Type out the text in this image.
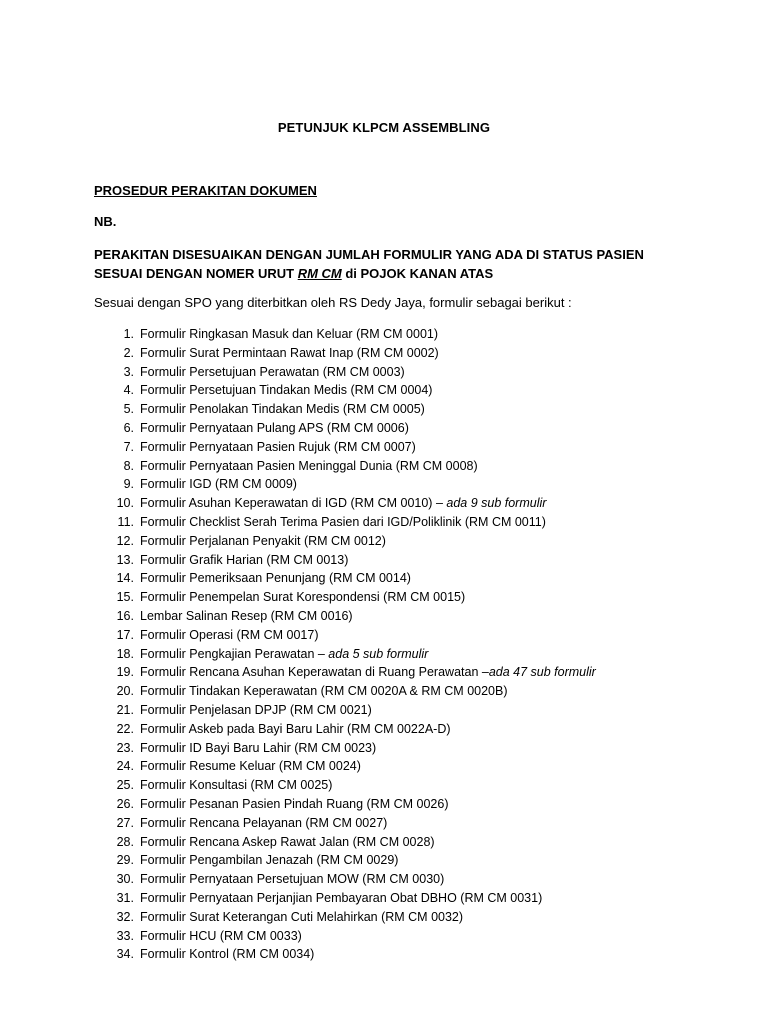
PETUNJUK KLPCM ASSEMBLING
PROSEDUR PERAKITAN DOKUMEN
NB.
PERAKITAN DISESUAIKAN DENGAN JUMLAH FORMULIR YANG ADA DI STATUS PASIEN SESUAI DENGAN NOMER URUT RM CM di POJOK KANAN ATAS
Sesuai dengan SPO yang diterbitkan oleh RS Dedy Jaya, formulir sebagai berikut :
1. Formulir Ringkasan Masuk dan Keluar (RM CM 0001)
2. Formulir Surat Permintaan Rawat Inap (RM CM 0002)
3. Formulir Persetujuan Perawatan (RM CM 0003)
4. Formulir Persetujuan Tindakan Medis (RM CM 0004)
5. Formulir Penolakan Tindakan Medis (RM CM 0005)
6. Formulir Pernyataan Pulang APS (RM CM 0006)
7. Formulir Pernyataan Pasien Rujuk (RM CM 0007)
8. Formulir Pernyataan Pasien Meninggal Dunia (RM CM 0008)
9. Formulir IGD (RM CM 0009)
10. Formulir Asuhan Keperawatan di IGD (RM CM 0010) – ada 9 sub formulir
11. Formulir Checklist Serah Terima Pasien dari IGD/Poliklinik (RM CM 0011)
12. Formulir Perjalanan Penyakit (RM CM 0012)
13. Formulir Grafik Harian (RM CM 0013)
14. Formulir Pemeriksaan Penunjang (RM CM 0014)
15. Formulir Penempelan Surat Korespondensi (RM CM 0015)
16. Lembar Salinan Resep (RM CM 0016)
17. Formulir Operasi (RM CM 0017)
18. Formulir Pengkajian Perawatan – ada 5 sub formulir
19. Formulir Rencana Asuhan Keperawatan di Ruang Perawatan –ada 47 sub formulir
20. Formulir Tindakan Keperawatan (RM CM 0020A & RM CM 0020B)
21. Formulir Penjelasan DPJP (RM CM 0021)
22. Formulir Askeb pada Bayi Baru Lahir (RM CM 0022A-D)
23. Formulir ID Bayi Baru Lahir (RM CM 0023)
24. Formulir Resume Keluar (RM CM 0024)
25. Formulir Konsultasi (RM CM 0025)
26. Formulir Pesanan Pasien Pindah Ruang (RM CM 0026)
27. Formulir Rencana Pelayanan (RM CM 0027)
28. Formulir Rencana Askep Rawat Jalan (RM CM 0028)
29. Formulir Pengambilan Jenazah (RM CM 0029)
30. Formulir Pernyataan Persetujuan MOW (RM CM 0030)
31. Formulir Pernyataan Perjanjian Pembayaran Obat DBHO (RM CM 0031)
32. Formulir Surat Keterangan Cuti Melahirkan (RM CM 0032)
33. Formulir HCU (RM CM 0033)
34. Formulir Kontrol (RM CM 0034)
